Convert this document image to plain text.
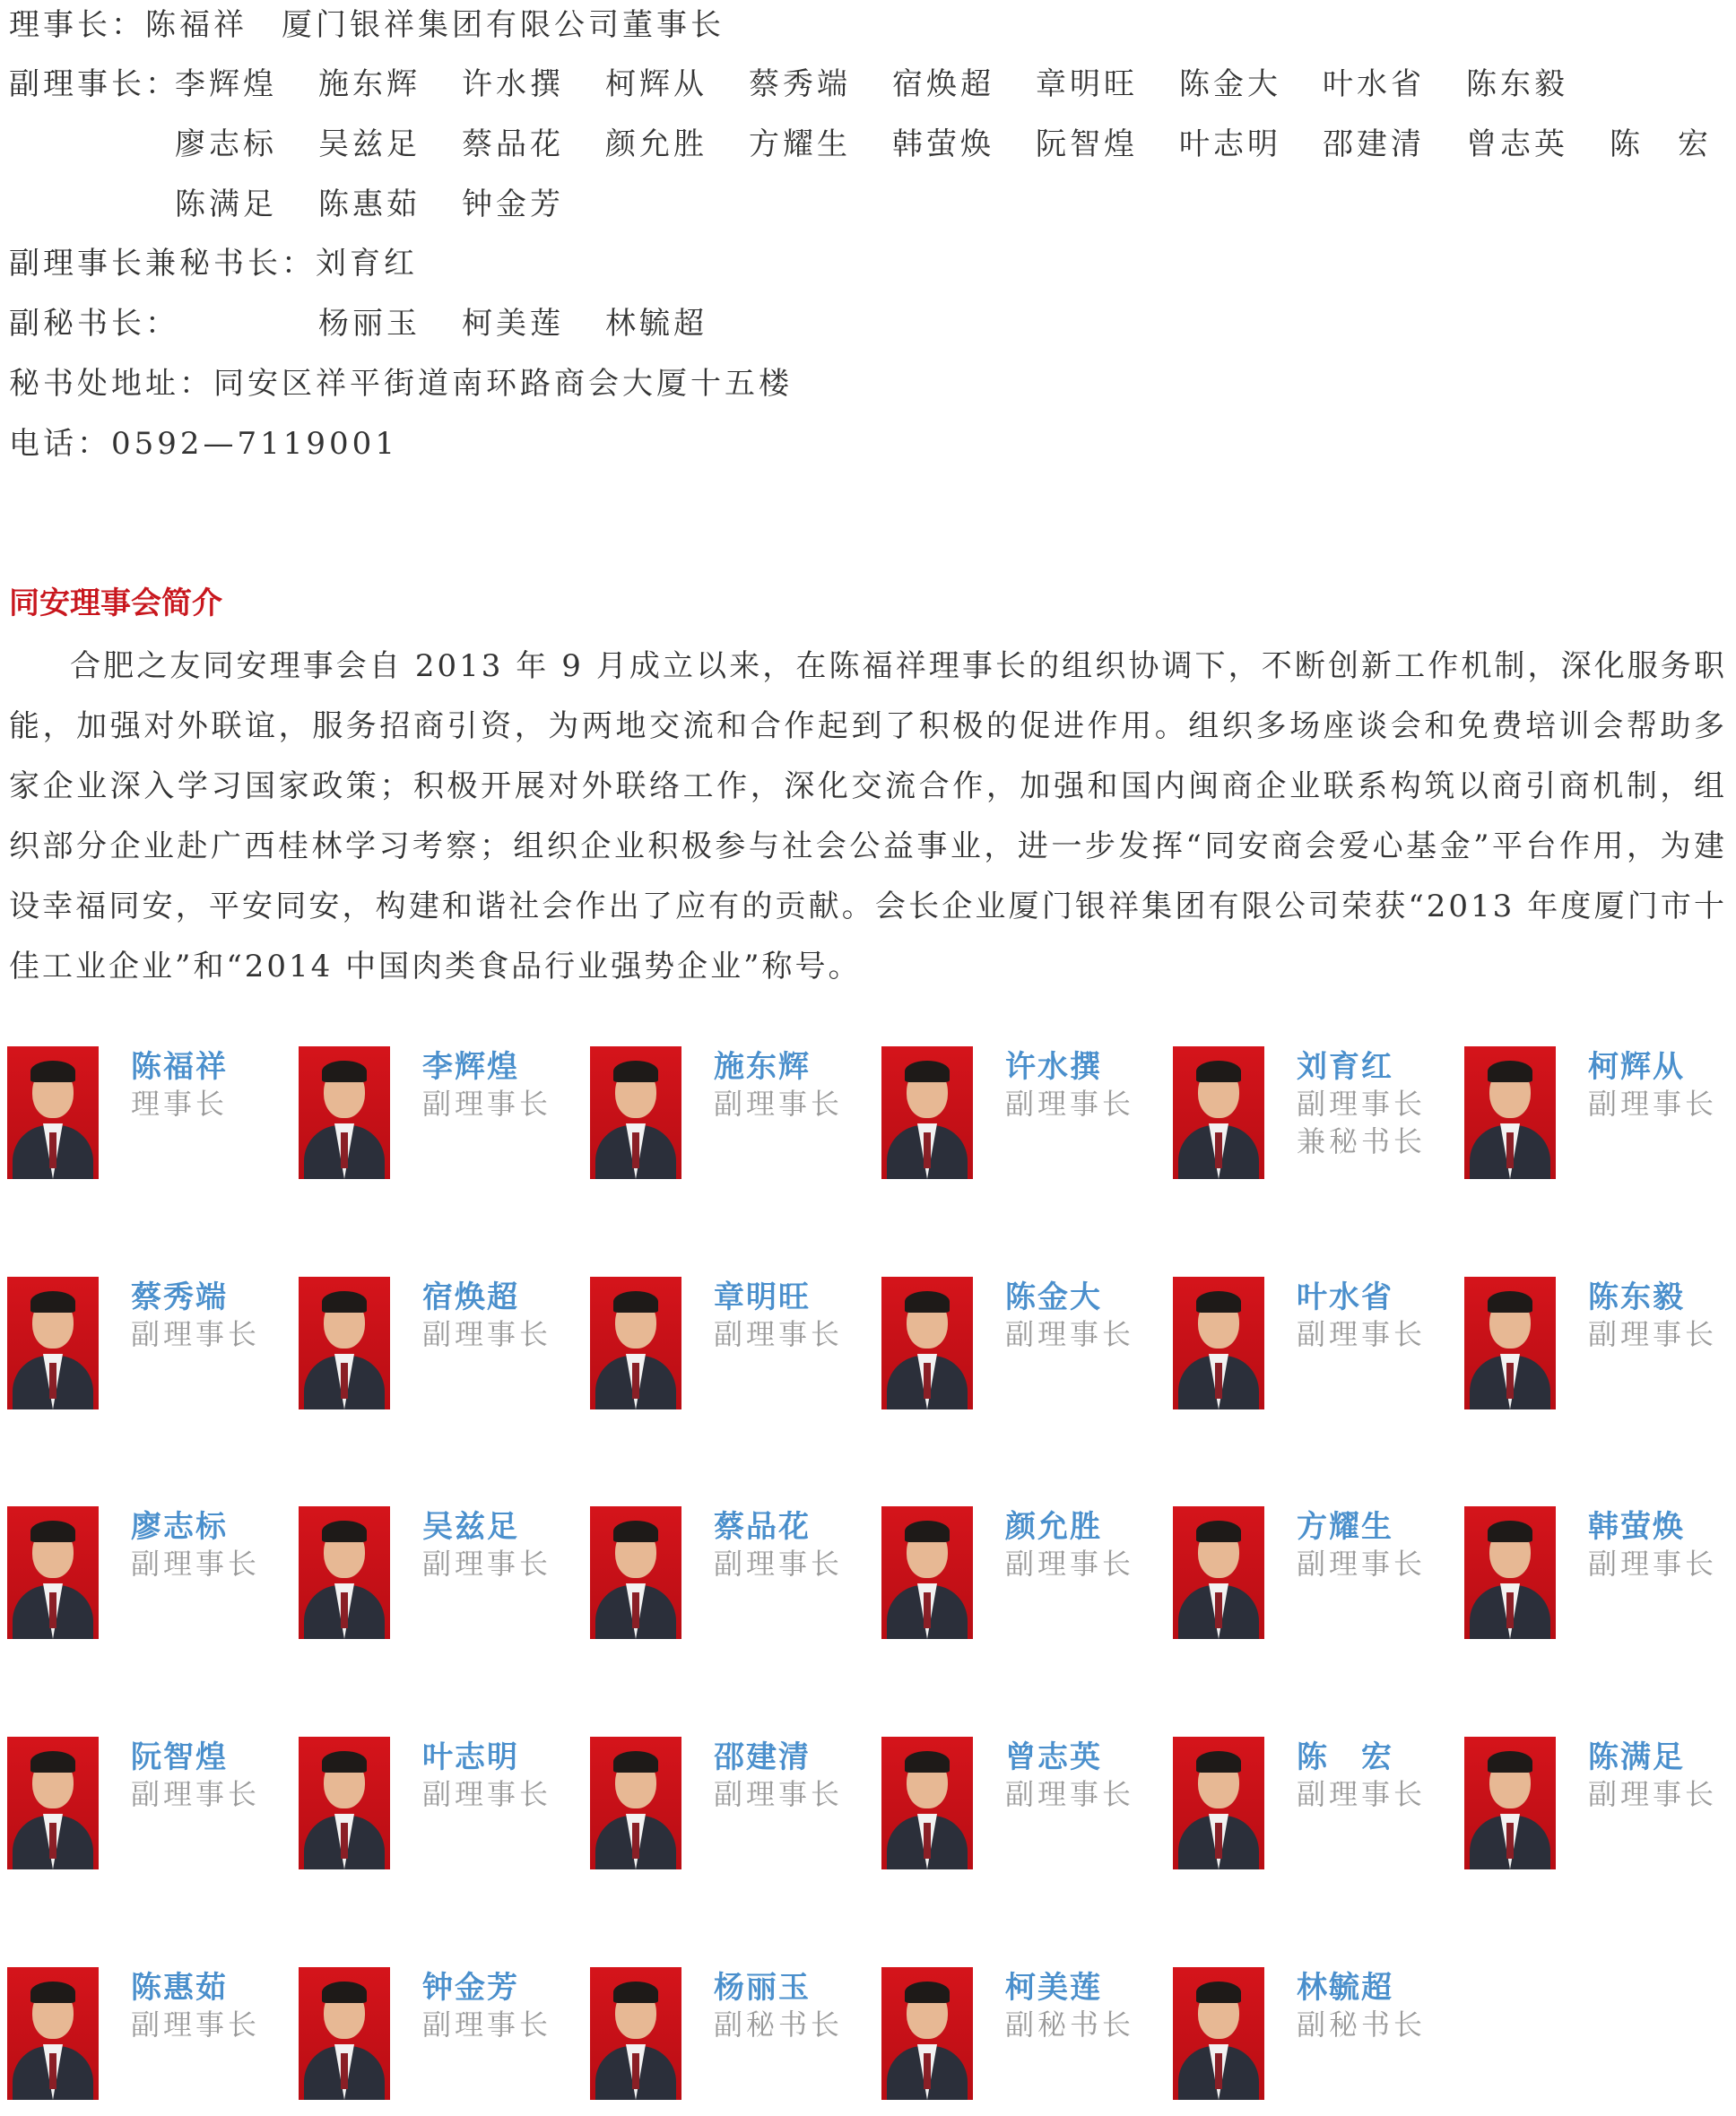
理事长：陈福祥　厦门银祥集团有限公司董事长
副理事长：
李辉煌 施东辉 许水撰 柯辉从 蔡秀端 宿焕超 章明旺 陈金大 叶水省 陈东毅
廖志标 吴兹足 蔡品花 颜允胜 方耀生 韩萤焕 阮智煌 叶志明 邵建清 曾志英 陈　宏
陈满足 陈惠茹 钟金芳
副理事长兼秘书长：刘育红
副秘书长：	杨丽玉 柯美莲 林毓超
秘书处地址：同安区祥平街道南环路商会大厦十五楼
电话：0592—7119001
同安理事会简介

合肥之友同安理事会自 2013 年 9 月成立以来，在陈福祥理事长的组织协调下，不断创新工作机制，深化服务职能，加强对外联谊，服务招商引资，为两地交流和合作起到了积极的促进作用。组织多场座谈会和免费培训会帮助多家企业深入学习国家政策；积极开展对外联络工作，深化交流合作，加强和国内闽商企业联系构筑以商引商机制，组织部分企业赴广西桂林学习考察；组织企业积极参与社会公益事业，进一步发挥“同安商会爱心基金”平台作用，为建设幸福同安，平安同安，构建和谐社会作出了应有的贡献。会长企业厦门银祥集团有限公司荣获“2013 年度厦门市十佳工业企业”和“2014 中国肉类食品行业强势企业”称号。

陈福祥
理事长
李辉煌
副理事长
施东辉
副理事长
许水撰
副理事长
刘育红
副理事长兼秘书长
柯辉从
副理事长
蔡秀端
副理事长
宿焕超
副理事长
章明旺
副理事长
陈金大
副理事长
叶水省
副理事长
陈东毅
副理事长
廖志标
副理事长
吴兹足
副理事长
蔡品花
副理事长
颜允胜
副理事长
方耀生
副理事长
韩萤焕
副理事长
阮智煌
副理事长
叶志明
副理事长
邵建清
副理事长
曾志英
副理事长
陈　宏
副理事长
陈满足
副理事长
陈惠茹
副理事长
钟金芳
副理事长
杨丽玉
副秘书长
柯美莲
副秘书长
林毓超
副秘书长
